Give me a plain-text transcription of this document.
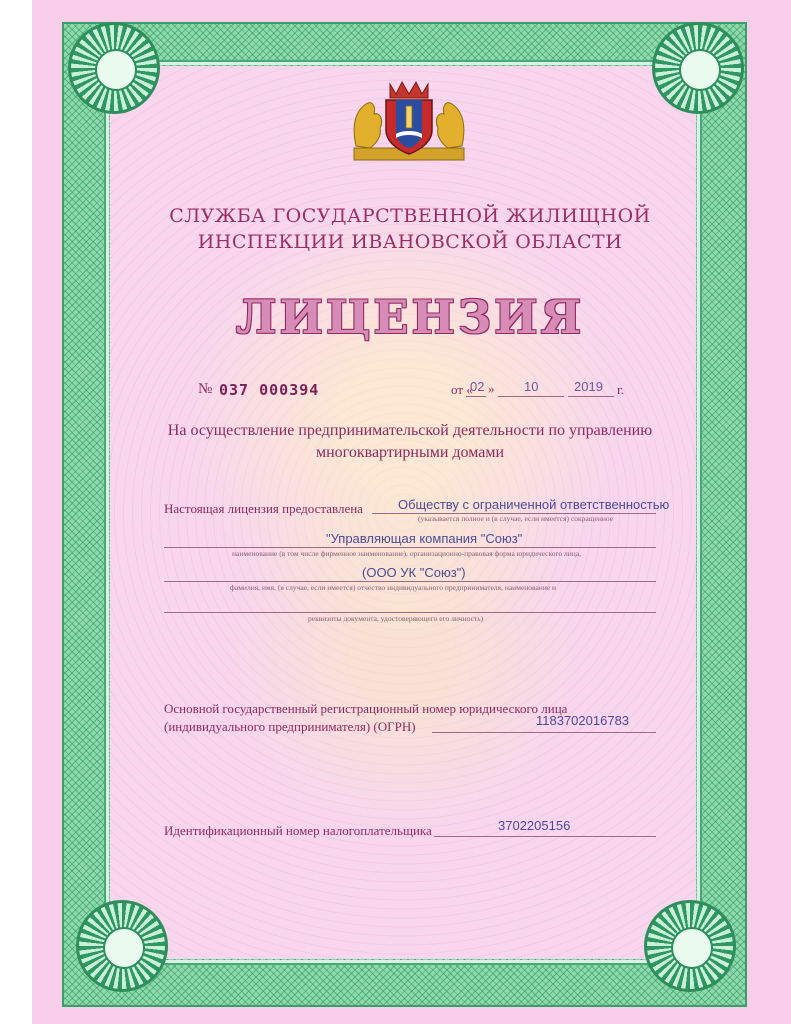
СЛУЖБА ГОСУДАРСТВЕННОЙ ЖИЛИЩНОЙ
ИНСПЕКЦИИ ИВАНОВСКОЙ ОБЛАСТИ
ЛИЦЕНЗИЯ
№ 037 000394	от «
02 » 10	2019 г.
На осуществление предпринимательской деятельности по управлению
многоквартирными домами
Настоящая лицензия предоставлена	Обществу с ограниченной ответственностью
(указывается полное и (в случае, если имеется) сокращенное
"Управляющая компания "Союз"
наименование (в том числе фирменное наименование), организационно-правовая форма юридического лица,
(ООО УК "Союз")
фамилия, имя, (в случае, если имеется) отчество индивидуального предпринимателя, наименование и
реквизиты документа, удостоверяющего его личность)
Основной государственный регистрационный номер юридического лица
(индивидуального предпринимателя) (ОГРН)	1183702016783
Идентификационный номер налогоплательщика	3702205156
